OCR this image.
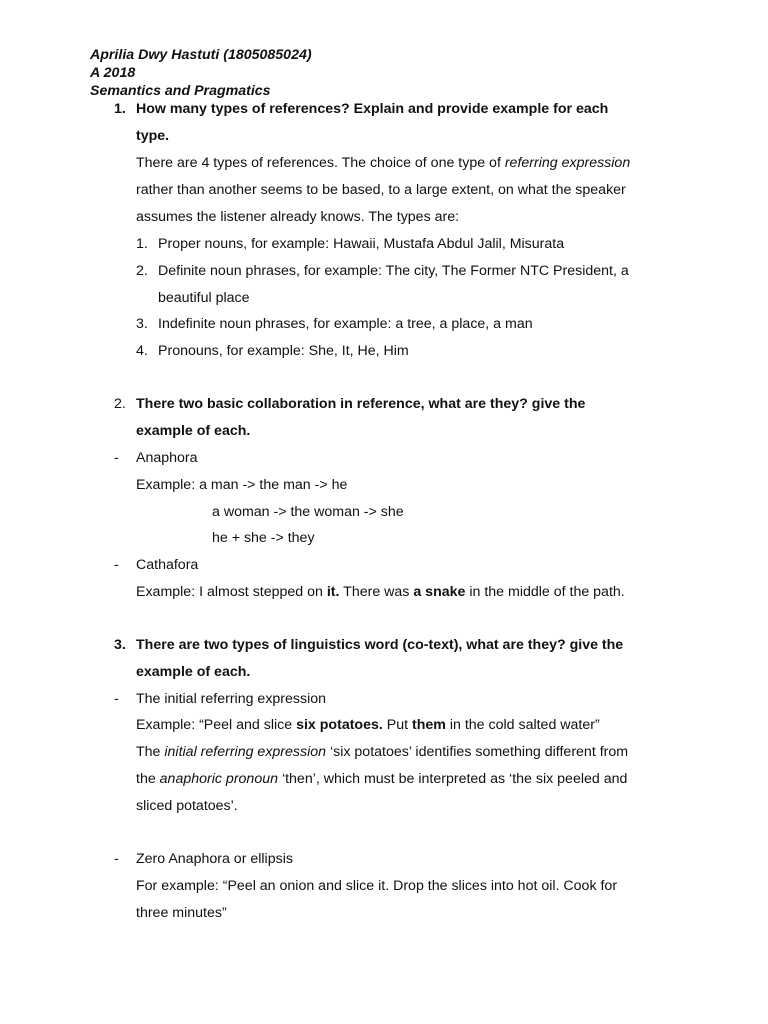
Aprilia Dwy Hastuti (1805085024)
A 2018
Semantics and Pragmatics
1. How many types of references? Explain and provide example for each
type.
There are 4 types of references. The choice of one type of referring expression
rather than another seems to be based, to a large extent, on what the speaker
assumes the listener already knows. The types are:
1. Proper nouns, for example: Hawaii, Mustafa Abdul Jalil, Misurata
2. Definite noun phrases, for example: The city, The Former NTC President, a
beautiful place
3. Indefinite noun phrases, for example: a tree, a place, a man
4. Pronouns, for example: She, It, He, Him
2. There two basic collaboration in reference, what are they? give the
example of each.
- Anaphora
Example: a man -> the man -> he
a woman -> the woman -> she
he + she -> they
- Cathafora
Example: I almost stepped on it. There was a snake in the middle of the path.
3. There are two types of linguistics word (co-text), what are they? give the
example of each.
- The initial referring expression
Example: “Peel and slice six potatoes. Put them in the cold salted water”
The initial referring expression ‘six potatoes’ identifies something different from
the anaphoric pronoun ‘then’, which must be interpreted as ‘the six peeled and
sliced potatoes’.
- Zero Anaphora or ellipsis
For example: “Peel an onion and slice it. Drop the slices into hot oil. Cook for
three minutes”
